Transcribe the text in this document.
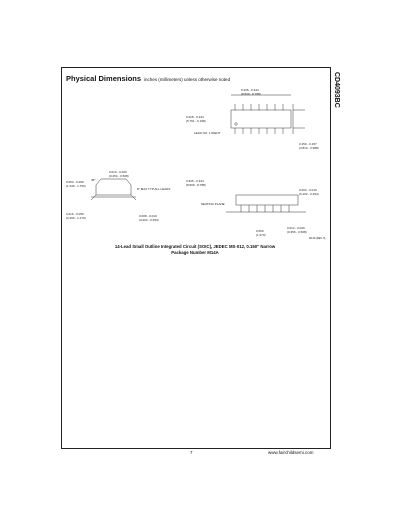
CD4093BC
Physical Dimensions inches (millimeters) unless otherwise noted
0.335 - 0.344
(8.509 - 8.788)
0.228 - 0.244
(5.791 - 6.198)
LEAD NO. 1 IDENT
0.150 - 0.157
(3.810 - 3.988)
0.010 - 0.020
(0.254 - 0.508)
45°
0.053 - 0.069
(1.346 - 1.753)
8° MAX TYP ALL LEADS
0.016 - 0.050
(0.406 - 1.270)	0.008 - 0.010
(0.203 - 0.254)
0.335 - 0.344
(8.509 - 8.788)
SEATING PLANE
0.004 - 0.010
(0.102 - 0.254)
0.050
(1.270)
0.014 - 0.020
(0.356 - 0.508)
M14A (REV H)
14-Lead Small Outline Integrated Circuit (SOIC), JEDEC MS-012, 0.150" Narrow
Package Number M14A
7	www.fairchildsemi.com
